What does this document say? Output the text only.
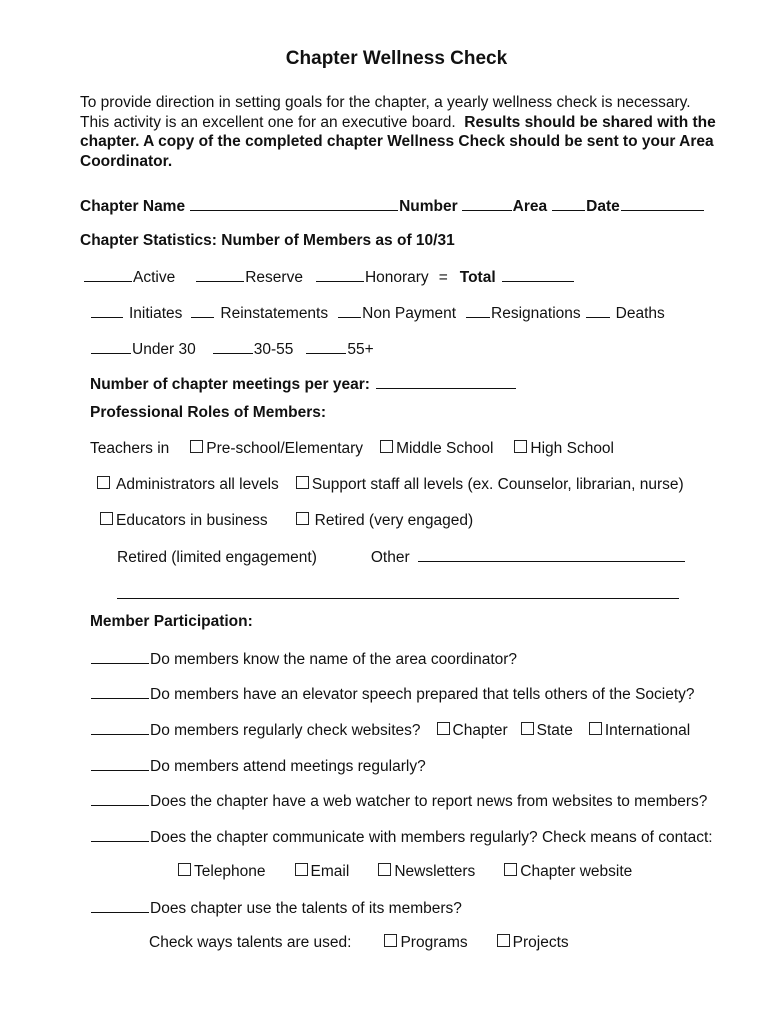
Chapter Wellness Check
To provide direction in setting goals for the chapter, a yearly wellness check is necessary. This activity is an excellent one for an executive board. Results should be shared with the chapter. A copy of the completed chapter Wellness Check should be sent to your Area Coordinator.
Chapter Name	Number	Area	Date
Chapter Statistics: Number of Members as of 10/31
Active	Reserve	Honorary = Total
Initiates Reinstatements Non Payment Resignations Deaths
Under 30	30-55	55+
Number of chapter meetings per year:
Professional Roles of Members:
Teachers in Pre-school/Elementary Middle School High School
Administrators all levels Support staff all levels (ex. Counselor, librarian, nurse)
Educators in business	Retired (very engaged)
Retired (limited engagement)	Other
Member Participation:
Do members know the name of the area coordinator?
Do members have an elevator speech prepared that tells others of the Society?
Do members regularly check websites? Chapter State International
Do members attend meetings regularly?
Does the chapter have a web watcher to report news from websites to members?
Does the chapter communicate with members regularly? Check means of contact:
Telephone	Email	Newsletters	Chapter website
Does chapter use the talents of its members?
Check ways talents are used:	Programs	Projects
